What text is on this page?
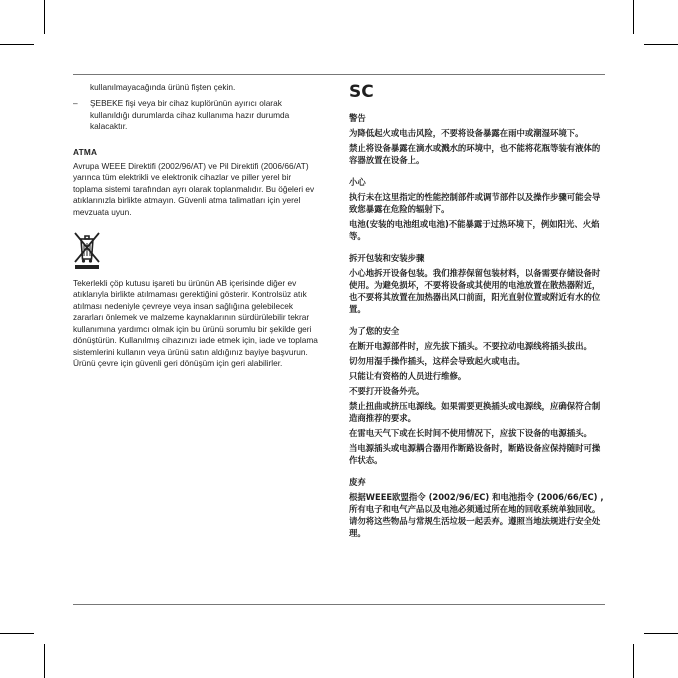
kullanılmayacağında ürünü fişten çekin.

– ŞEBEKE fişi veya bir cihaz kuplörünün ayırıcı olarak kullanıldığı durumlarda cihaz kullanıma hazır durumda kalacaktır.
ATMA
Avrupa WEEE Direktifi (2002/96/AT) ve Pil Direktifi (2006/66/AT) yarınca tüm elektrikli ve elektronik cihazlar ve piller yerel bir toplama sistemi tarafından ayrı olarak toplanmalıdır. Bu öğeleri ev atıklarınızla birlikte atmayın. Güvenli atma talimatları için yerel mevzuata uyun.
Tekerlekli çöp kutusu işareti bu ürünün AB içerisinde diğer ev atıklarıyla birlikte atılmaması gerektiğini gösterir. Kontrolsüz atık atılması nedeniyle çevreye veya insan sağlığına gelebilecek zararları önlemek ve malzeme kaynaklarının sürdürülebilir tekrar kullanımına yardımcı olmak için bu ürünü sorumlu bir şekilde geri dönüştürün. Kullanılmış cihazınızı iade etmek için, iade ve toplama sistemlerini kullanın veya ürünü satın aldığınız bayiye başvurun. Ürünü çevre için güvenli geri dönüşüm için geri alabilirler.
SC
警告
为降低起火或电击风险，不要将设备暴露在雨中或潮湿环境下。
禁止将设备暴露在滴水或溅水的环境中，也不能将花瓶等装有液体的容器放置在设备上。
小心
执行未在这里指定的性能控制部件或调节部件以及操作步骤可能会导致您暴露在危险的辐射下。
电池(安装的电池组或电池)不能暴露于过热环境下，例如阳光、火焰等。
拆开包装和安装步骤
小心地拆开设备包装。我们推荐保留包装材料，以备需要存储设备时使用。为避免损坏，不要将设备或其使用的电池放置在散热器附近，也不要将其放置在加热器出风口前面，阳光直射位置或附近有水的位置。
为了您的安全
在断开电源部件时，应先拔下插头。不要拉动电源线将插头拔出。
切勿用湿手操作插头，这样会导致起火或电击。
只能让有资格的人员进行维修。
不要打开设备外壳。
禁止扭曲或挤压电源线。如果需要更换插头或电源线，应确保符合制造商推荐的要求。
在雷电天气下或在长时间不使用情况下，应拔下设备的电源插头。
当电源插头或电源耦合器用作断路设备时，断路设备应保持随时可操作状态。
废弃
根据WEEE欧盟指令 (2002/96/EC) 和电池指令 (2006/66/EC) , 所有电子和电气产品以及电池必须通过所在地的回收系统单独回收。请勿将这些物品与常规生活垃圾一起丢弃。遵照当地法规进行安全处理。
